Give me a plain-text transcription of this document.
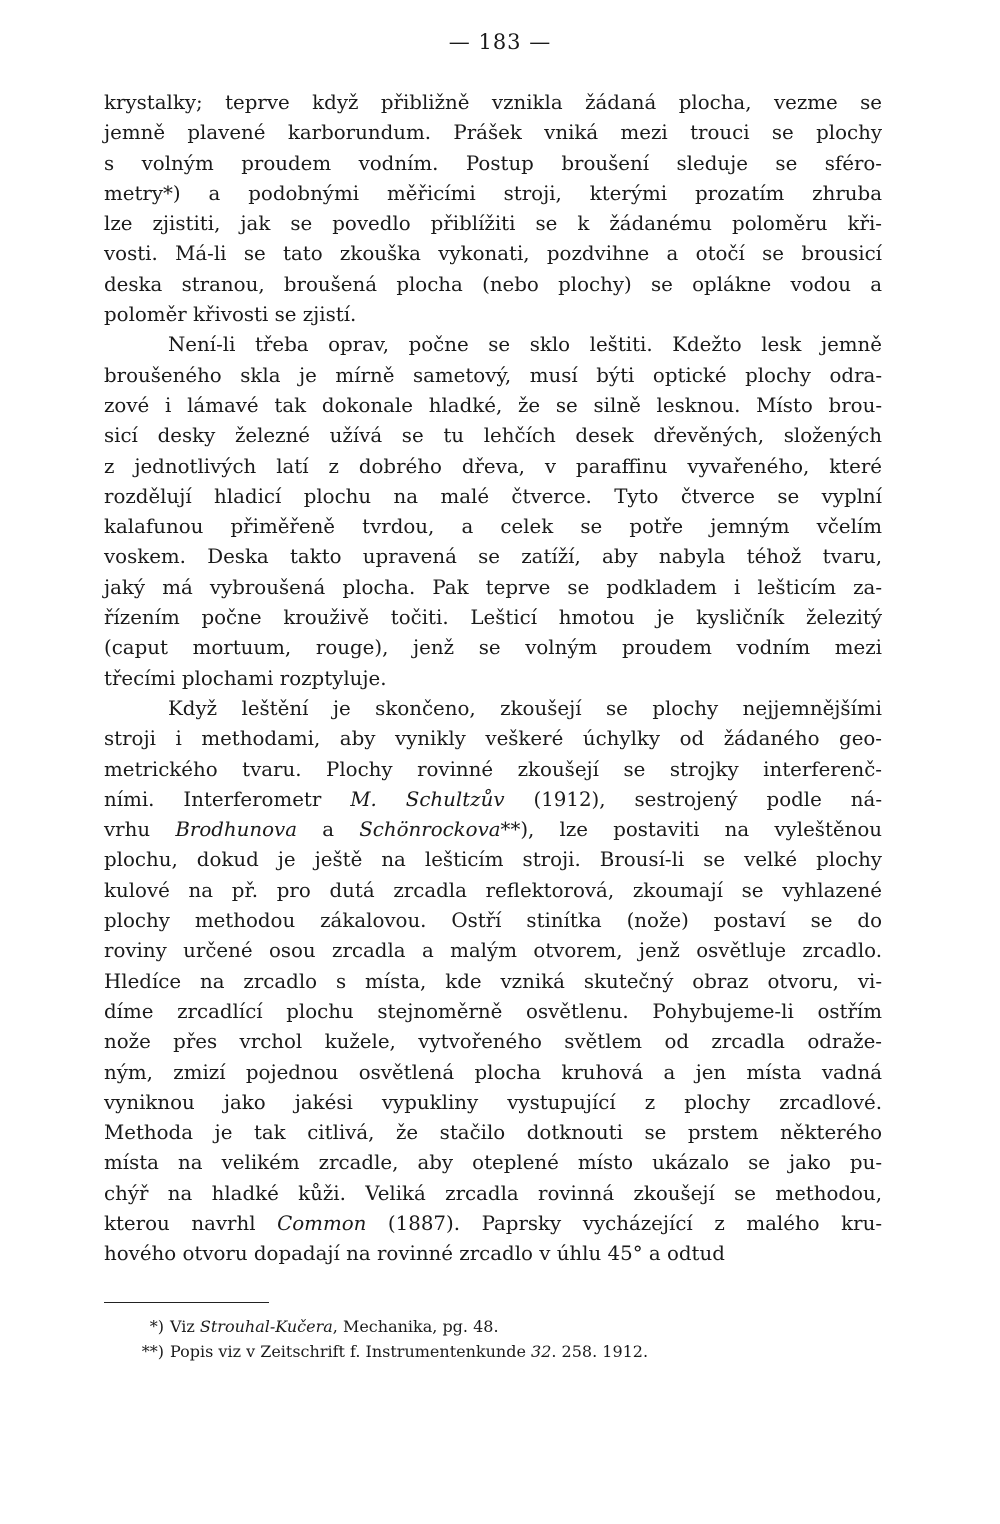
— 183 —
krystalky; teprve když přibližně vznikla žádaná plocha, vezme se
jemně plavené karborundum. Prášek vniká mezi trouci se plochy
s volným proudem vodním. Postup broušení sleduje se sféro-
metry*) a podobnými měřicími stroji, kterými prozatím zhruba
lze zjistiti, jak se povedlo přiblížiti se k žádanému poloměru kři-
vosti. Má-li se tato zkouška vykonati, pozdvihne a otočí se brousicí
deska stranou, broušená plocha (nebo plochy) se opláknе vodou a
poloměr křivosti se zjistí.
Není-li třeba oprav, počne se sklo leštiti. Kdežto lesk jemně
broušeného skla je mírně sametový, musí býti optické plochy odra-
zové i lámavé tak dokonale hladké, že se silně lesknou. Místo brou-
sicí desky železné užívá se tu lehčích desek dřevěných, složených
z jednotlivých latí z dobrého dřeva, v paraffinu vyvařeného, které
rozdělují hladicí plochu na malé čtverce. Tyto čtverce se vyplní
kalafunou přiměřeně tvrdou, a celek se potře jemným včelím
voskem. Deska takto upravená se zatíží, aby nabyla téhož tvaru,
jaký má vybroušená plocha. Pak teprve se podkladem i lešticím za-
řízením počne krouživě točiti. Lešticí hmotou je kysličník železitý
(caput mortuum, rouge), jenž se volným proudem vodním mezi
třecími plochami rozptyluje.
Když leštění je skončeno, zkoušejí se plochy nejjemnějšími
stroji i methodami, aby vynikly veškeré úchylky od žádaného geo-
metrického tvaru. Plochy rovinné zkoušejí se strojky interferenč-
ními. Interferometr M. Schultzův (1912), sestrojený podle ná-
vrhu Brodhunova a Schönrockova**), lze postaviti na vyleštěnou
plochu, dokud je ještě na lešticím stroji. Brousí-li se velké plochy
kulové na př. pro dutá zrcadla reflektorová, zkoumají se vyhlazené
plochy methodou zákalovou. Ostří stinítka (nože) postaví se do
roviny určené osou zrcadla a malým otvorem, jenž osvětluje zrcadlo.
Hledíce na zrcadlo s místa, kde vzniká skutečný obraz otvoru, vi-
díme zrcadlící plochu stejnoměrně osvětlenu. Pohybujeme-li ostřím
nože přes vrchol kužele, vytvořeného světlem od zrcadla odraže-
ným, zmizí pojednou osvětlená plocha kruhová a jen místa vadná
vyniknou jako jakési vypukliny vystupující z plochy zrcadlové.
Methoda je tak citlivá, že stačilo dotknouti se prstem některého
místa na velikém zrcadle, aby oteplené místo ukázalo se jako pu-
chýř na hladké kůži. Veliká zrcadla rovinná zkoušejí se methodou,
kterou navrhl Common (1887). Paprsky vycházející z malého kru-
hového otvoru dopadají na rovinné zrcadlo v úhlu 45° a odtud
*) Viz Strouhal-Kučera, Mechanika, pg. 48.
**) Popis viz v Zeitschrift f. Instrumentenkunde 32. 258. 1912.
